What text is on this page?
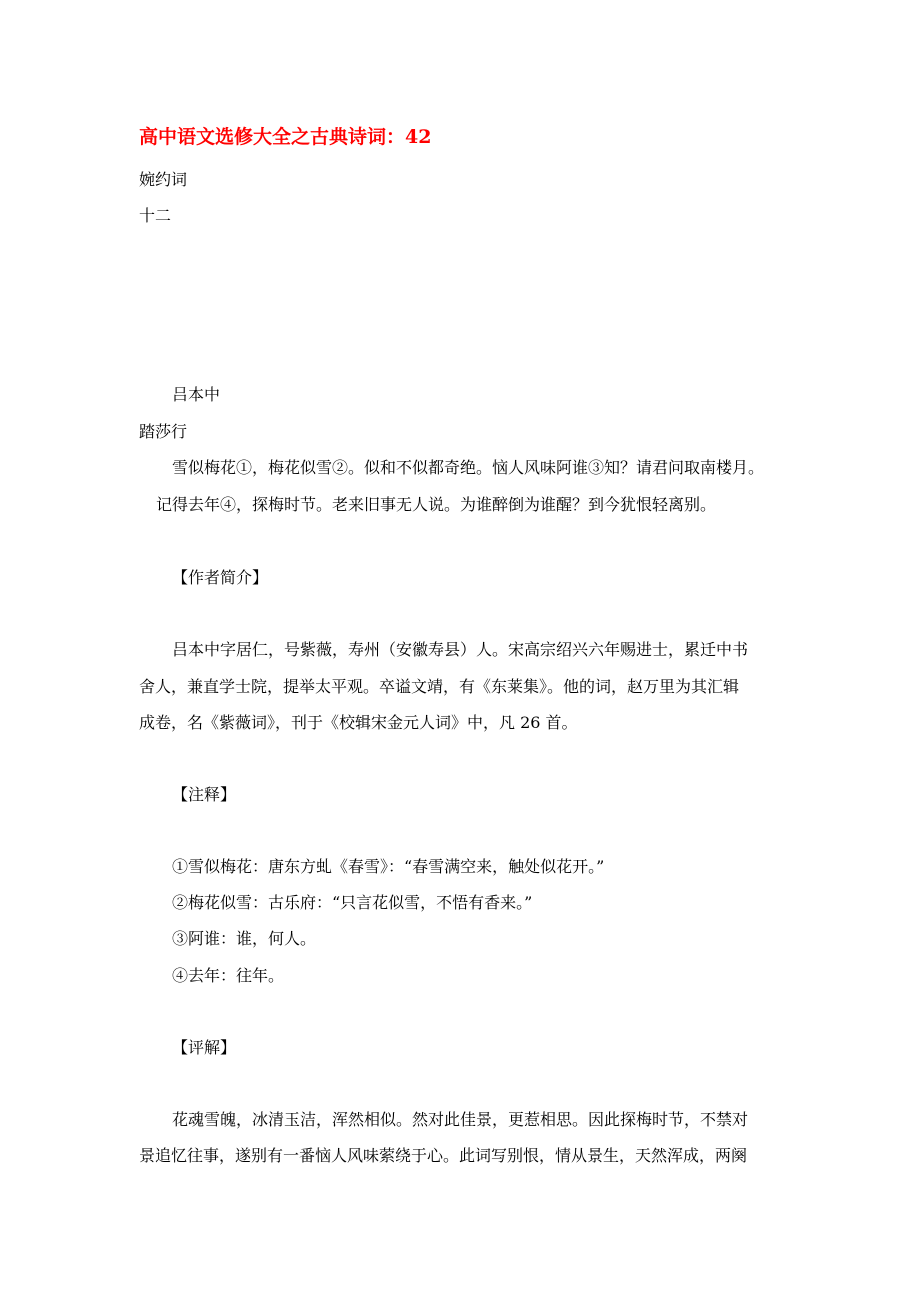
高中语文选修大全之古典诗词：42
婉约词
十二
吕本中
踏莎行
雪似梅花①，梅花似雪②。似和不似都奇绝。恼人风味阿谁③知？请君问取南楼月。
记得去年④，探梅时节。老来旧事无人说。为谁醉倒为谁醒？到今犹恨轻离别。
【作者简介】
吕本中字居仁，号紫薇，寿州（安徽寿县）人。宋高宗绍兴六年赐进士，累迁中书
舍人，兼直学士院，提举太平观。卒谥文靖，有《东莱集》。他的词，赵万里为其汇辑
成卷，名《紫薇词》，刊于《校辑宋金元人词》中，凡 26 首。
【注释】
①雪似梅花：唐东方虬《春雪》：“春雪满空来，触处似花开。”
②梅花似雪：古乐府：“只言花似雪，不悟有香来。”
③阿谁：谁，何人。
④去年：往年。
【评解】
花魂雪魄，冰清玉洁，浑然相似。然对此佳景，更惹相思。因此探梅时节，不禁对
景追忆往事，遂别有一番恼人风味萦绕于心。此词写别恨，情从景生，天然浑成，两阕
